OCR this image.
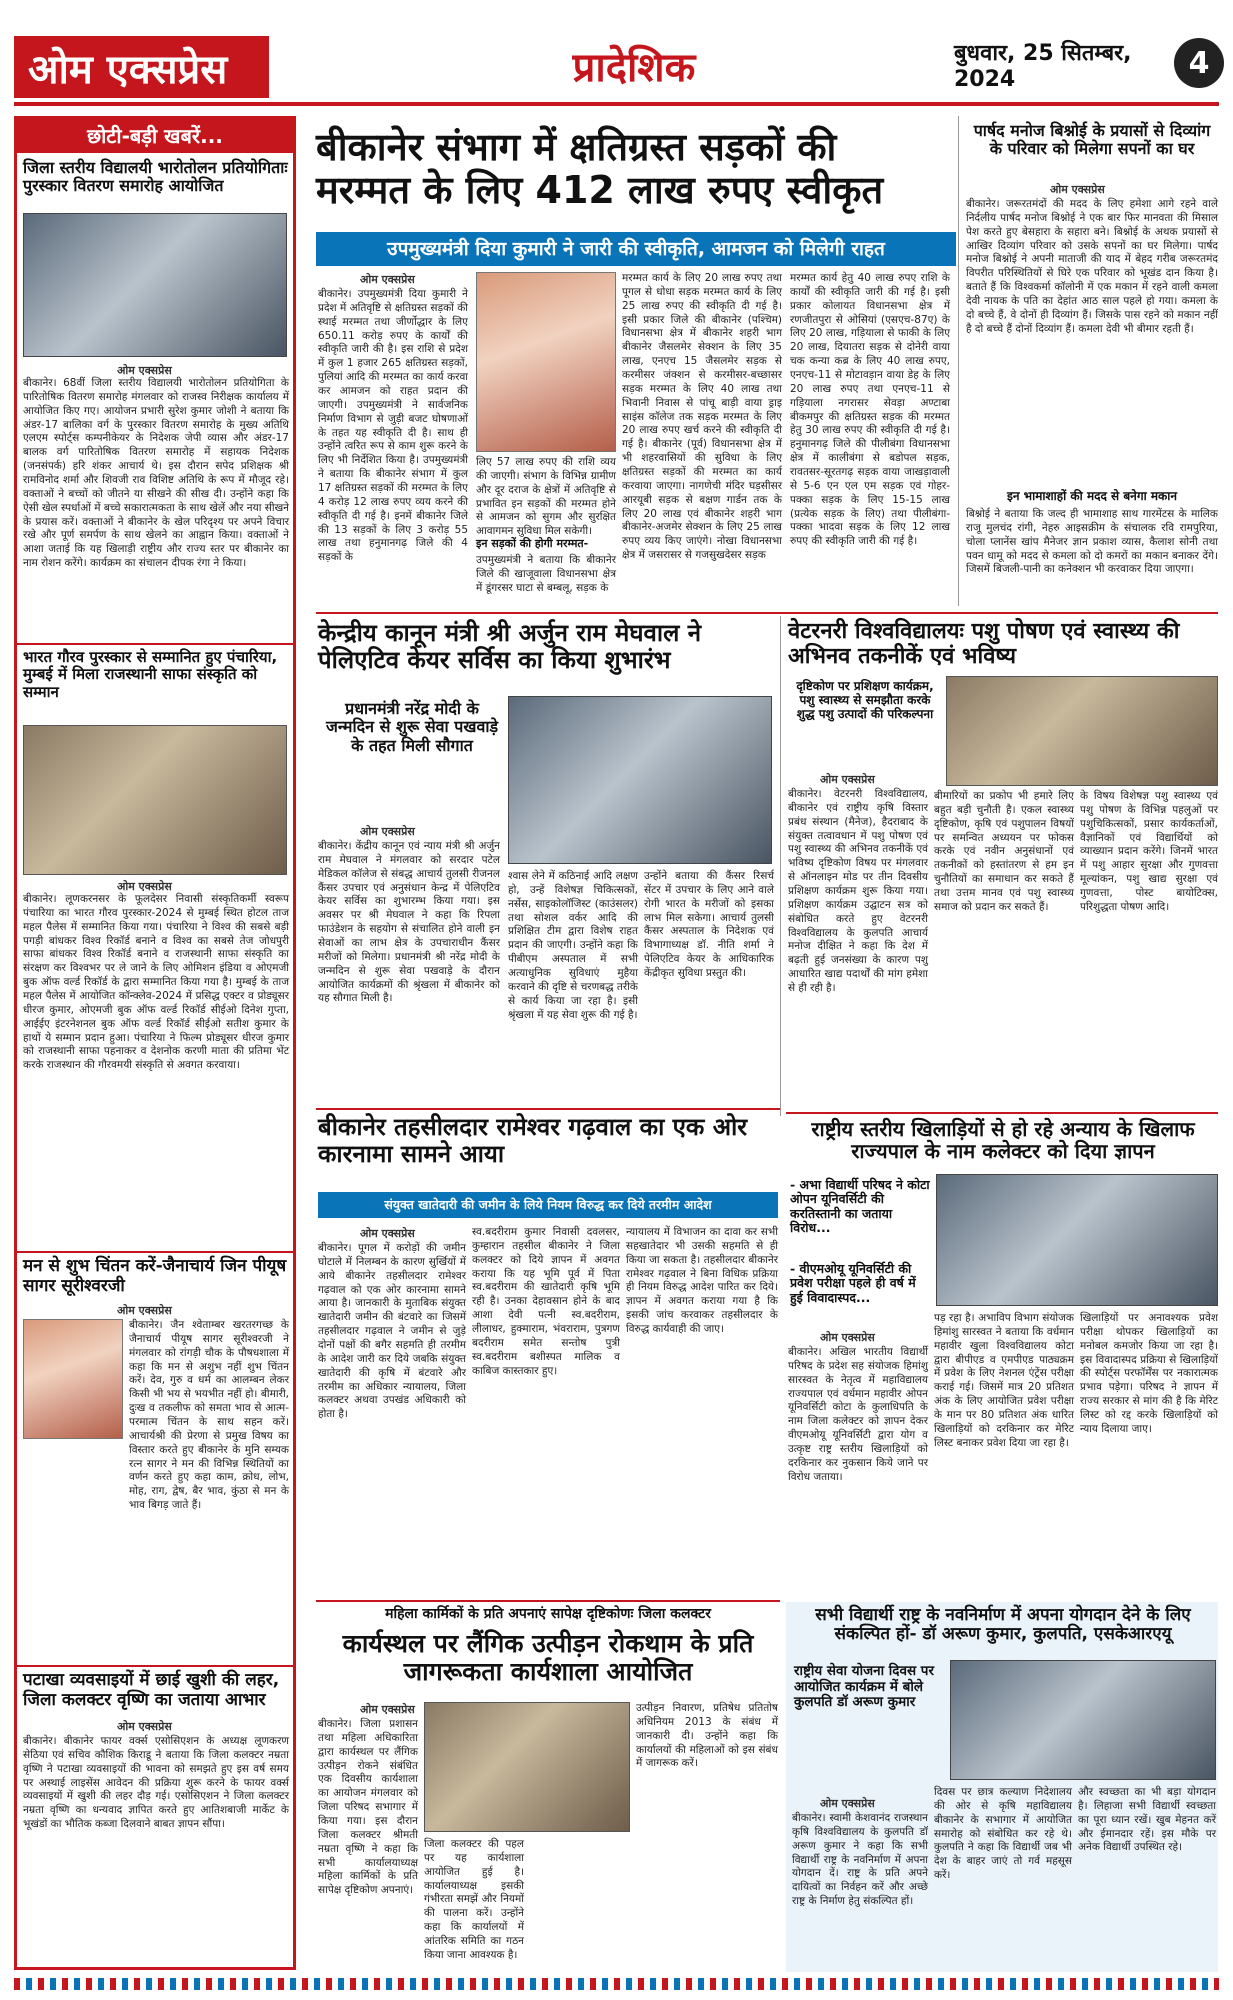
ओम एक्सप्रेस	प्रादेशिक	बुधवार, 25 सितम्बर, 2024	4
छोटी-बड़ी खबरें...
जिला स्तरीय विद्यालयी भारोतोलन प्रतियोगिताः पुरस्कार वितरण समारोह आयोजित
ओम एक्सप्रेस
बीकानेर। 68वीं जिला स्तरीय विद्यालयी भारोतोलन प्रतियोगिता के पारितोषिक वितरण समारोह मंगलवार को राजस्व निरीक्षक कार्यालय में आयोजित किए गए। आयोजन प्रभारी सुरेश कुमार जोशी ने बताया कि अंडर-17 बालिका वर्ग के पुरस्कार वितरण समारोह के मुख्य अतिथि एलएम स्पोर्ट्स कम्पनीकेयर के निदेशक जेपी व्यास और अंडर-17 बालक वर्ग पारितोषिक वितरण समारोह में सहायक निदेशक (जनसंपर्क) हरि शंकर आचार्य थे। इस दौरान सपेद प्रशिक्षक श्री रामविनोद शर्मा और शिवजी राव विशिष्ट अतिथि के रूप में मौजूद रहे। वक्ताओं ने बच्चों को जीतने या सीखने की सीख दी। उन्होंने कहा कि ऐसी खेल स्पर्धाओं में बच्चे सकारात्मकता के साथ खेलें और नया सीखने के प्रयास करें। वक्ताओं ने बीकानेर के खेल परिदृश्य पर अपने विचार रखे और पूर्ण समर्पण के साथ खेलने का आह्वान किया। वक्ताओं ने आशा जताई कि यह खिलाड़ी राष्ट्रीय और राज्य स्तर पर बीकानेर का नाम रोशन करेंगे। कार्यक्रम का संचालन दीपक रंगा ने किया।
भारत गौरव पुरस्कार से सम्मानित हुए पंचारिया, मुम्बई में मिला राजस्थानी साफा संस्कृति को सम्मान
ओम एक्सप्रेस
बीकानेर। लूणकरनसर के फूलदेसर निवासी संस्कृतिकर्मी स्वरूप पंचारिया का भारत गौरव पुरस्कार-2024 से मुम्बई स्थित होटल ताज महल पैलेस में सम्मानित किया गया। पंचारिया ने विश्व की सबसे बड़ी पगड़ी बांधकर विश्व रिकॉर्ड बनाने व विश्व का सबसे तेज जोधपुरी साफा बांधकर विश्व रिकॉर्ड बनाने व राजस्थानी साफा संस्कृति का संरक्षण कर विश्वभर पर ले जाने के लिए ओमिशन इंडिया व ओएमजी बुक ऑफ वर्ल्ड रिकॉर्ड के द्वारा सम्मानित किया गया है। मुम्बई के ताज महल पैलेस में आयोजित कॉन्क्लेव-2024 में प्रसिद्ध एक्टर व प्रोड्यूसर धीरज कुमार, ओएमजी बुक ऑफ वर्ल्ड रिकॉर्ड सीईओ दिनेश गुप्ता, आईईए इंटरनेशनल बुक ऑफ वर्ल्ड रिकॉर्ड सीईओ सतीश कुमार के हाथों ये सम्मान प्रदान हुआ। पंचारिया ने फिल्म प्रोड्यूसर धीरज कुमार को राजस्थानी साफा पहनाकर व देशनोक करणी माता की प्रतिमा भेंट करके राजस्थान की गौरवमयी संस्कृति से अवगत करवाया।
मन से शुभ चिंतन करें-जैनाचार्य जिन पीयूष सागर सूरीश्वरजी
ओम एक्सप्रेस
बीकानेर। जैन श्वेताम्बर खरतरगच्छ के जैनाचार्य पीयूष सागर सूरीश्वरजी ने मंगलवार को रांगड़ी चौक के पौषधशाला में कहा कि मन से अशुभ नहीं शुभ चिंतन करें। देव, गुरु व धर्म का आलम्बन लेकर किसी भी भय से भयभीत नहीं हो। बीमारी, दुःख व तकलीफ को समता भाव से आत्म-परमात्म चिंतन के साथ सहन करें। आचार्यश्री की प्रेरणा से प्रमुख विषय का विस्तार करते हुए बीकानेर के मुनि सम्यक रत्न सागर ने मन की विभिन्न स्थितियों का वर्णन करते हुए कहा काम, क्रोध, लोभ, मोह, राग, द्वेष, बैर भाव, कुंठा से मन के भाव बिगड़ जाते हैं।
पटाखा व्यवसाइयों में छाई खुशी की लहर, जिला कलक्टर वृष्णि का जताया आभार
ओम एक्सप्रेस
बीकानेर। बीकानेर फायर वर्क्स एसोसिएशन के अध्यक्ष लूणकरण सेठिया एवं सचिव कौशिक किराडू ने बताया कि जिला कलक्टर नम्रता वृष्णि ने पटाखा व्यवसाइयों की भावना को समझते हुए इस वर्ष समय पर अस्थाई लाइसेंस आवेदन की प्रक्रिया शुरू करने के फायर वर्क्स व्यवसाइयों में खुशी की लहर दौड़ गई। एसोसिएशन ने जिला कलक्टर नम्रता वृष्णि का धन्यवाद ज्ञापित करते हुए आतिशबाजी मार्केट के भूखंडों का भौतिक कब्जा दिलवाने बाबत ज्ञापन सौंपा।
बीकानेर संभाग में क्षतिग्रस्त सड़कों की मरम्मत के लिए 412 लाख रुपए स्वीकृत
उपमुख्यमंत्री दिया कुमारी ने जारी की स्वीकृति, आमजन को मिलेगी राहत
ओम एक्सप्रेस
बीकानेर। उपमुख्यमंत्री दिया कुमारी ने प्रदेश में अतिवृष्टि से क्षतिग्रस्त सड़कों की स्थाई मरम्मत तथा जीर्णोद्धार के लिए 650.11 करोड़ रुपए के कार्यों की स्वीकृति जारी की है। इस राशि से प्रदेश में कुल 1 हजार 265 क्षतिग्रस्त सड़कों, पुलियां आदि की मरम्मत का कार्य करवा कर आमजन को राहत प्रदान की जाएगी। उपमुख्यमंत्री ने सार्वजनिक निर्माण विभाग से जुड़ी बजट घोषणाओं के तहत यह स्वीकृति दी है। साथ ही उन्होंने त्वरित रूप से काम शुरू करने के लिए भी निर्देशित किया है। उपमुख्यमंत्री ने बताया कि बीकानेर संभाग में कुल 17 क्षतिग्रस्त सड़कों की मरम्मत के लिए 4 करोड़ 12 लाख रुपए व्यय करने की स्वीकृति दी गई है। इनमें बीकानेर जिले की 13 सड़कों के लिए 3 करोड़ 55 लाख तथा हनुमानगढ़ जिले की 4 सड़कों के
लिए 57 लाख रुपए की राशि व्यय की जाएगी। संभाग के विभिन्न ग्रामीण और दूर दराज के क्षेत्रों में अतिवृष्टि से प्रभावित इन सड़कों की मरम्मत होने से आमजन को सुगम और सुरक्षित आवागमन सुविधा मिल सकेगी।
इन सड़कों की होगी मरम्मत-
उपमुख्यमंत्री ने बताया कि बीकानेर जिले की खाजूवाला विधानसभा क्षेत्र में डूंगरसर घाटा से बम्बलू, सड़क के
मरम्मत कार्य के लिए 20 लाख रुपए तथा पूगल से धोधा सड़क मरम्मत कार्य के लिए 25 लाख रुपए की स्वीकृति दी गई है। इसी प्रकार जिले की बीकानेर (पश्चिम) विधानसभा क्षेत्र में बीकानेर शहरी भाग बीकानेर जैसलमेर सेक्शन के लिए 35 लाख, एनएच 15 जैसलमेर सड़क से करमीसर जंक्शन से करमीसर-बच्छासर सड़क मरम्मत के लिए 40 लाख तथा भिवानी निवास से पांचू बाड़ी वाया ड्राइ साइंस कॉलेज तक सड़क मरम्मत के लिए 20 लाख रुपए खर्च करने की स्वीकृति दी गई है। बीकानेर (पूर्व) विधानसभा क्षेत्र में भी शहरवासियों की सुविधा के लिए क्षतिग्रस्त सड़कों की मरम्मत का कार्य करवाया जाएगा। नागणेची मंदिर घड़सीसर आरयूबी सड़क से बक्षण गार्डन तक के लिए 20 लाख एवं बीकानेर शहरी भाग बीकानेर-अजमेर सेक्शन के लिए 25 लाख रुपए व्यय किए जाएंगे। नोखा विधानसभा क्षेत्र में जसरासर से गजसुखदेसर सड़क
मरम्मत कार्य हेतु 40 लाख रुपए राशि के कार्यों की स्वीकृति जारी की गई है। इसी प्रकार कोलायत विधानसभा क्षेत्र में रणजीतपुरा से ओसियां (एसएच-87ए) के लिए 20 लाख, गड़ियाला से फाकी के लिए 20 लाख, दियातरा सड़क से दोनेरी वाया चक कन्या कब्र के लिए 40 लाख रुपए, एनएच-11 से मोटावड़ान वाया डेह के लिए 20 लाख रुपए तथा एनएच-11 से गड़ियाला नगरासर सेवड़ा अण्टाबा बीकमपुर की क्षतिग्रस्त सड़क की मरम्मत हेतु 30 लाख रुपए की स्वीकृति दी गई है। हनुमानगढ़ जिले की पीलीबंगा विधानसभा क्षेत्र में कालीबंगा से बडोपल सड़क, रावतसर-सूरतगढ़ सड़क वाया जाखड़ावाली से 5-6 एन एल एम सड़क एवं गोहर-पक्का सड़क के लिए 15-15 लाख (प्रत्येक सड़क के लिए) तथा पीलीबंगा-पक्का भादवा सड़क के लिए 12 लाख रुपए की स्वीकृति जारी की गई है।
पार्षद मनोज बिश्नोई के प्रयासों से दिव्यांग के परिवार को मिलेगा सपनों का घर
ओम एक्सप्रेस
बीकानेर। जरूरतमंदों की मदद के लिए हमेशा आगे रहने वाले निर्दलीय पार्षद मनोज बिश्नोई ने एक बार फिर मानवता की मिसाल पेश करते हुए बेसहारा के सहारा बने। बिश्नोई के अथक प्रयासों से आखिर दिव्यांग परिवार को उसके सपनों का घर मिलेगा। पार्षद मनोज बिश्नोई ने अपनी माताजी की याद में बेहद गरीब जरूरतमंद विपरीत परिस्थितियों से घिरे एक परिवार को भूखंड दान किया है। बताते हैं कि विश्वकर्मा कॉलोनी में एक मकान में रहने वाली कमला देवी नायक के पति का देहांत आठ साल पहले हो गया। कमला के दो बच्चे हैं, वे दोनों ही दिव्यांग हैं। जिसके पास रहने को मकान नहीं है दो बच्चे हैं दोनों दिव्यांग हैं। कमला देवी भी बीमार रहती हैं।
इन भामाशाहों की मदद से बनेगा मकान
बिश्नोई ने बताया कि जल्द ही भामाशाह साथ गारमेंटस के मालिक राजू मुलचंद रांगी, नेहरु आइसक्रीम के संचालक रवि रामपुरिया, चोला प्लानेंस खांप मैनेजर ज्ञान प्रकाश व्यास, कैलाश सोनी तथा पवन धामू को मदद से कमला को दो कमरों का मकान बनाकर देंगे। जिसमें बिजली-पानी का कनेक्शन भी करवाकर दिया जाएगा।
केन्द्रीय कानून मंत्री श्री अर्जुन राम मेघवाल ने पेलिएटिव केयर सर्विस का किया शुभारंभ
प्रधानमंत्री नरेंद्र मोदी के जन्मदिन से शुरू सेवा पखवाड़े के तहत मिली सौगात
ओम एक्सप्रेस
बीकानेर। केंद्रीय कानून एवं न्याय मंत्री श्री अर्जुन राम मेघवाल ने मंगलवार को सरदार पटेल मेडिकल कॉलेज से संबद्ध आचार्य तुलसी रीजनल कैंसर उपचार एवं अनुसंधान केन्द्र में पेलिएटिव केयर सर्विस का शुभारम्भ किया गया। इस अवसर पर श्री मेघवाल ने कहा कि रिपला फाउंडेशन के सहयोग से संचालित होने वाली इन सेवाओं का लाभ क्षेत्र के उपचाराधीन कैंसर मरीजों को मिलेगा। प्रधानमंत्री श्री नरेंद्र मोदी के जन्मदिन से शुरू सेवा पखवाड़े के दौरान आयोजित कार्यक्रमों की श्रृंखला में बीकानेर को यह सौगात मिली है।
श्वास लेने में कठिनाई आदि लक्षण हो, उन्हें विशेषज्ञ चिकित्सकों, नर्सेस, साइकोलॉजिस्ट (काउंसलर) तथा सोशल वर्कर आदि की प्रशिक्षित टीम द्वारा विशेष राहत प्रदान की जाएगी। उन्होंने कहा कि पीबीएम अस्पताल में सभी अत्याधुनिक सुविधाएं मुहैया करवाने की दृष्टि से चरणबद्ध तरीके से कार्य किया जा रहा है। इसी श्रृंखला में यह सेवा शुरू की गई है।
उन्होंने बताया की कैंसर रिसर्च सेंटर में उपचार के लिए आने वाले रोगी भारत के मरीजों को इसका लाभ मिल सकेगा। आचार्य तुलसी कैंसर अस्पताल के निदेशक एवं विभागाध्यक्ष डॉ. नीति शर्मा ने पेलिएटिव केयर के आधिकारिक केंद्रीकृत सुविधा प्रस्तुत की।
वेटरनरी विश्वविद्यालयः पशु पोषण एवं स्वास्थ्य की अभिनव तकनीकें एवं भविष्य
दृष्टिकोण पर प्रशिक्षण कार्यक्रम, पशु स्वास्थ्य से समझौता करके शुद्ध पशु उत्पादों की परिकल्पना
ओम एक्सप्रेस
बीकानेर। वेटरनरी विश्वविद्यालय, बीकानेर एवं राष्ट्रीय कृषि विस्तार प्रबंध संस्थान (मैनेज), हैदराबाद के संयुक्त तत्वावधान में पशु पोषण एवं पशु स्वास्थ्य की अभिनव तकनीकें एवं भविष्य दृष्टिकोण विषय पर मंगलवार से ऑनलाइन मोड पर तीन दिवसीय प्रशिक्षण कार्यक्रम शुरू किया गया। प्रशिक्षण कार्यक्रम उद्घाटन सत्र को संबोधित करते हुए वेटरनरी विश्वविद्यालय के कुलपति आचार्य मनोज दीक्षित ने कहा कि देश में बढ़ती हुई जनसंख्या के कारण पशु आधारित खाद्य पदार्थों की मांग हमेशा से ही रही है।
बीमारियों का प्रकोप भी हमारे लिए बहुत बड़ी चुनौती है। एकल स्वास्थ्य दृष्टिकोण, कृषि एवं पशुपालन विषयों पर समन्वित अध्ययन पर फोकस करके एवं नवीन अनुसंधानों एवं तकनीकों को हस्तांतरण से हम इन चुनौतियों का समाधान कर सकते हैं तथा उत्तम मानव एवं पशु स्वास्थ्य समाज को प्रदान कर सकते हैं।
के विषय विशेषज्ञ पशु स्वास्थ्य एवं पशु पोषण के विभिन्न पहलुओं पर पशुचिकित्सकों, प्रसार कार्यकर्ताओं, वैज्ञानिकों एवं विद्यार्थियों को व्याख्यान प्रदान करेंगे। जिनमें भारत में पशु आहार सुरक्षा और गुणवत्ता मूल्यांकन, पशु खाद्य सुरक्षा एवं गुणवत्ता, पोस्ट बायोटिक्स, परिशुद्धता पोषण आदि।
बीकानेर तहसीलदार रामेश्वर गढ़वाल का एक ओर कारनामा सामने आया
संयुक्त खातेदारी की जमीन के लिये नियम विरुद्ध कर दिये तरमीम आदेश
ओम एक्सप्रेस
बीकानेर। पूगल में करोड़ों की जमीन घोटाले में निलम्बन के कारण सुर्खियों में आये बीकानेर तहसीलदार रामेश्वर गढ़वाल को एक ओर कारनामा सामने आया है। जानकारी के मुताबिक संयुक्त खातेदारी जमीन की बंटवारे का जिसमें तहसीलदार गढ़वाल ने जमीन से जुड़े दोनों पक्षों की बगैर सहमति ही तरमीम के आदेश जारी कर दिये जबकि संयुक्त खातेदारी की कृषि में बंटवारे और तरमीम का अधिकार न्यायालय, जिला कलक्टर अथवा उपखंड अधिकारी को होता है।
स्व.बदरीराम कुमार निवासी दवलसर, कुम्हारान तहसील बीकानेर ने जिला कलक्टर को दिये ज्ञापन में अवगत कराया कि यह भूमि पूर्व में पिता स्व.बदरीराम की खातेदारी कृषि भूमि रही है। उनका देहावसान होने के बाद आशा देवी पत्नी स्व.बदरीराम, लीलाधर, हुक्माराम, भंवराराम, पुत्रगण बदरीराम समेत सन्तोष पुत्री स्व.बदरीराम बशीस्पत मालिक व काबिज कास्तकार हुए।
न्यायालय में विभाजन का दावा कर सभी सहखातेदार भी उसकी सहमति से ही किया जा सकता है। तहसीलदार बीकानेर रामेश्वर गढ़वाल ने बिना विधिक प्रक्रिया ही नियम विरुद्ध आदेश पारित कर दिये। ज्ञापन में अवगत कराया गया है कि इसकी जांच करवाकर तहसीलदार के विरुद्ध कार्यवाही की जाए।
राष्ट्रीय स्तरीय खिलाड़ियों से हो रहे अन्याय के खिलाफ राज्यपाल के नाम कलेक्टर को दिया ज्ञापन
- अभा विद्यार्थी परिषद ने कोटा ओपन यूनिवर्सिटी की करतिस्तानी का जताया विरोध...
- वीएमओयू यूनिवर्सिटी की प्रवेश परीक्षा पहले ही वर्ष में हुई विवादास्पद...
ओम एक्सप्रेस
बीकानेर। अखिल भारतीय विद्यार्थी परिषद के प्रदेश सह संयोजक हिमांशु सारस्वत के नेतृत्व में महाविद्यालय राज्यपाल एवं वर्धमान महावीर ओपन यूनिवर्सिटी कोटा के कुलाधिपति के नाम जिला कलेक्टर को ज्ञापन देकर वीएमओयू यूनिवर्सिटी द्वारा योग व उत्कृष्ट राष्ट्र स्तरीय खिलाड़ियों को दरकिनार कर नुकसान किये जाने पर विरोध जताया।
पड़ रहा है। अभाविप विभाग संयोजक हिमांशु सारस्वत ने बताया कि वर्धमान महावीर खुला विश्वविद्यालय कोटा द्वारा बीपीएड व एमपीएड पाठ्यक्रम में प्रवेश के लिए नेशनल एंट्रेंस परीक्षा कराई गई। जिसमें मात्र 20 प्रतिशत अंक के लिए आयोजित प्रवेश परीक्षा के मान पर 80 प्रतिशत अंक धारित खिलाड़ियों को दरकिनार कर मेरिट लिस्ट बनाकर प्रवेश दिया जा रहा है।
खिलाड़ियों पर अनावश्यक प्रवेश परीक्षा थोपकर खिलाड़ियों का मनोबल कमजोर किया जा रहा है। इस विवादास्पद प्रक्रिया से खिलाड़ियों की स्पोर्ट्स परफॉर्मेंस पर नकारात्मक प्रभाव पड़ेगा। परिषद ने ज्ञापन में राज्य सरकार से मांग की है कि मेरिट लिस्ट को रद्द करके खिलाड़ियों को न्याय दिलाया जाए।
महिला कार्मिकों के प्रति अपनाएं सापेक्ष दृष्टिकोणः जिला कलक्टर
कार्यस्थल पर लैंगिक उत्पीड़न रोकथाम के प्रति जागरूकता कार्यशाला आयोजित
ओम एक्सप्रेस
बीकानेर। जिला प्रशासन तथा महिला अधिकारिता द्वारा कार्यस्थल पर लैंगिक उत्पीड़न रोकने संबंधित एक दिवसीय कार्यशाला का आयोजन मंगलवार को जिला परिषद सभागार में किया गया। इस दौरान जिला कलक्टर श्रीमती नम्रता वृष्णि ने कहा कि सभी कार्यालयाध्यक्ष महिला कार्मिकों के प्रति सापेक्ष दृष्टिकोण अपनाएं।
जिला कलक्टर की पहल पर यह कार्यशाला आयोजित हुई है। कार्यालयाध्यक्ष इसकी गंभीरता समझें और नियमों की पालना करें। उन्होंने कहा कि कार्यालयों में आंतरिक समिति का गठन किया जाना आवश्यक है।
उत्पीड़न निवारण, प्रतिषेध प्रतितोष अधिनियम 2013 के संबंध में जानकारी दी। उन्होंने कहा कि कार्यालयों की महिलाओं को इस संबंध में जागरूक करें।
सभी विद्यार्थी राष्ट्र के नवनिर्माण में अपना योगदान देने के लिए संकल्पित हों- डॉ अरूण कुमार, कुलपति, एसकेआरएयू
राष्ट्रीय सेवा योजना दिवस पर आयोजित कार्यक्रम में बोले कुलपति डॉ अरूण कुमार
ओम एक्सप्रेस
बीकानेर। स्वामी केशवानंद राजस्थान कृषि विश्वविद्यालय के कुलपति डॉ अरूण कुमार ने कहा कि सभी विद्यार्थी राष्ट्र के नवनिर्माण में अपना योगदान दें। राष्ट्र के प्रति अपने दायित्वों का निर्वहन करें और अच्छे राष्ट्र के निर्माण हेतु संकल्पित हों।
दिवस पर छात्र कल्याण निदेशालय की ओर से कृषि महाविद्यालय बीकानेर के सभागार में आयोजित समारोह को संबोधित कर रहे थे। कुलपति ने कहा कि विद्यार्थी जब भी देश के बाहर जाएं तो गर्व महसूस करें।
और स्वच्छता का भी बड़ा योगदान है। लिहाजा सभी विद्यार्थी स्वच्छता का पूरा ध्यान रखें। खुब मेहनत करें और ईमानदार रहें। इस मौके पर अनेक विद्यार्थी उपस्थित रहे।
